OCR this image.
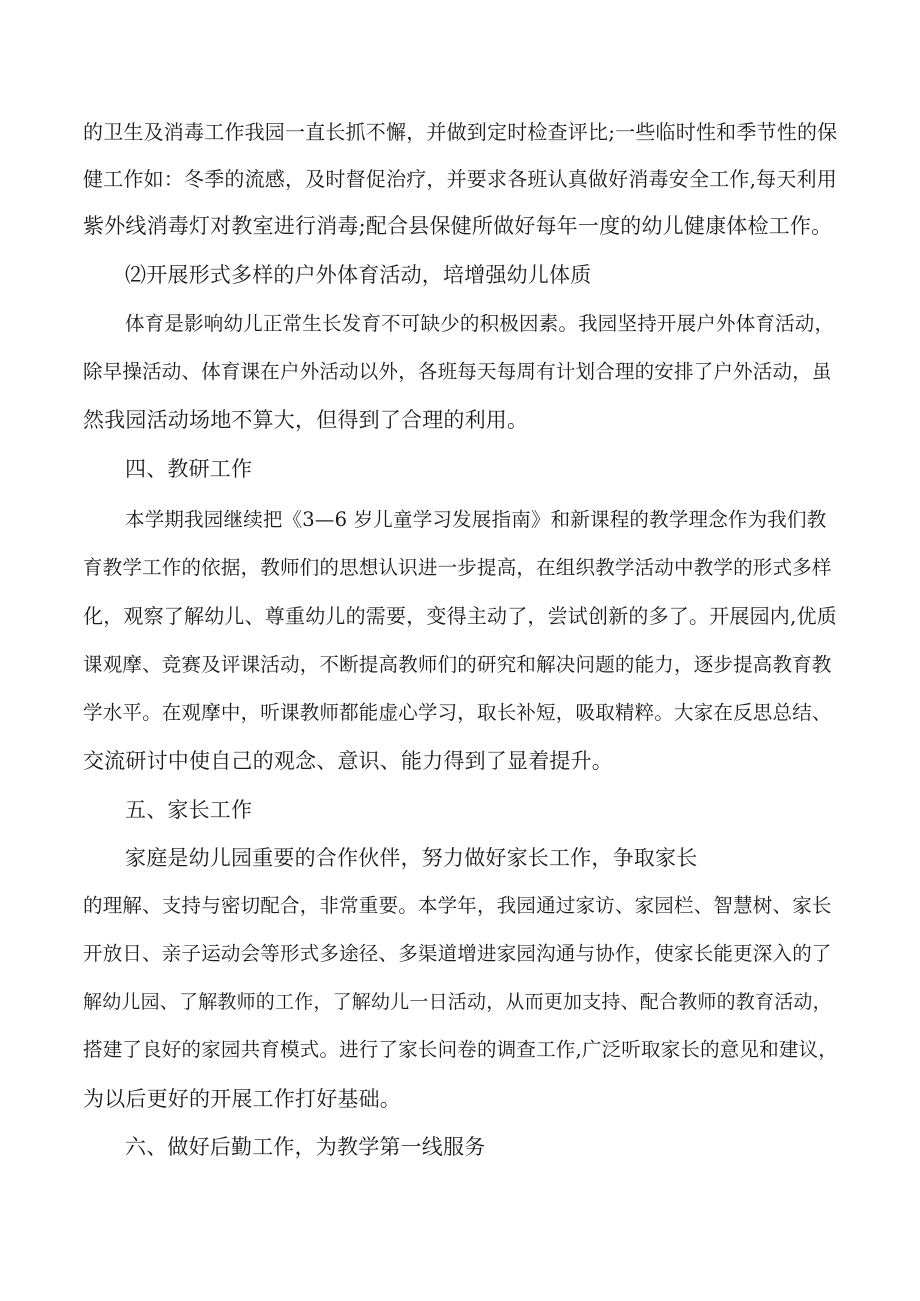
的卫生及消毒工作我园一直长抓不懈，并做到定时检查评比;一些临时性和季节性的保
健工作如：冬季的流感，及时督促治疗，并要求各班认真做好消毒安全工作,每天利用
紫外线消毒灯对教室进行消毒;配合县保健所做好每年一度的幼儿健康体检工作。
⑵开展形式多样的户外体育活动，培增强幼儿体质
体育是影响幼儿正常生长发育不可缺少的积极因素。我园坚持开展户外体育活动，
除早操活动、体育课在户外活动以外，各班每天每周有计划合理的安排了户外活动，虽
然我园活动场地不算大，但得到了合理的利用。
四、教研工作
本学期我园继续把《3—6 岁儿童学习发展指南》和新课程的教学理念作为我们教
育教学工作的依据，教师们的思想认识进一步提高，在组织教学活动中教学的形式多样
化，观察了解幼儿、尊重幼儿的需要，变得主动了，尝试创新的多了。开展园内,优质
课观摩、竞赛及评课活动，不断提高教师们的研究和解决问题的能力，逐步提高教育教
学水平。在观摩中，听课教师都能虚心学习，取长补短，吸取精粹。大家在反思总结、
交流研讨中使自己的观念、意识、能力得到了显着提升。
五、家长工作
家庭是幼儿园重要的合作伙伴，努力做好家长工作，争取家长
的理解、支持与密切配合，非常重要。本学年，我园通过家访、家园栏、智慧树、家长
开放日、亲子运动会等形式多途径、多渠道增进家园沟通与协作，使家长能更深入的了
解幼儿园、了解教师的工作，了解幼儿一日活动，从而更加支持、配合教师的教育活动，
搭建了良好的家园共育模式。进行了家长问卷的调查工作,广泛听取家长的意见和建议，
为以后更好的开展工作打好基础。
六、做好后勤工作，为教学第一线服务
